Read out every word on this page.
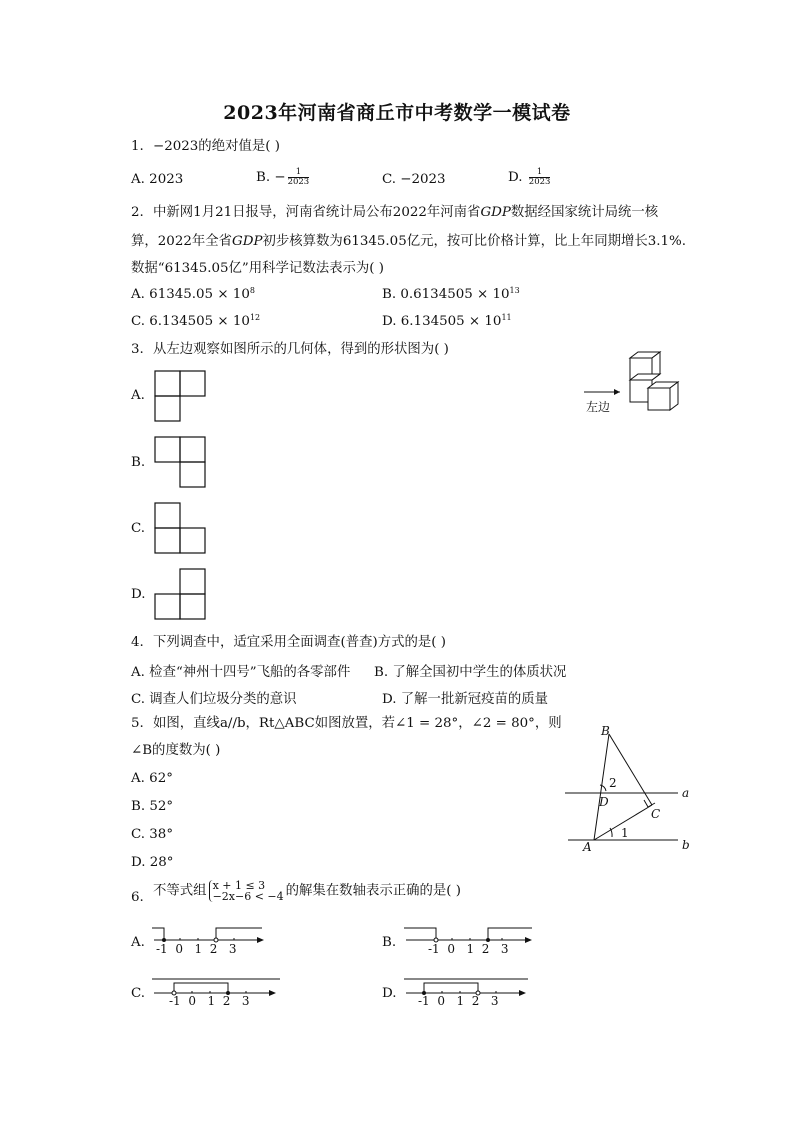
2023年河南省商丘市中考数学一模试卷
1. −2023的绝对值是( )
A. 2023	B. − $\frac{1}{2023}$	C. −2023	D. $\frac{1}{2023}$
2. 中新网1月21日报导，河南省统计局公布2022年河南省GDP数据经国家统计局统一核
算，2022年全省GDP初步核算数为61345.05亿元，按可比价格计算，比上年同期增长3.1%.
数据“61345.05亿”用科学记数法表示为( )
A. $61345.05 \times 10^8$	B. $0.6134505 \times 10^{13}$
C. $6.134505 \times 10^{12}$	D. $6.134505 \times 10^{11}$
3. 从左边观察如图所示的几何体，得到的形状图为( )
A.
B.
C.
D.
左边
4. 下列调查中，适宜采用全面调查(普查)方式的是( )
A. 检查“神州十四号”飞船的各零部件 B. 了解全国初中学生的体质状况
C. 调查人们垃圾分类的意识	D. 了解一批新冠疫苗的质量
5. 如图，直线a//b，Rt△ABC如图放置，若∠1 = 28°，∠2 = 80°，则
∠B的度数为( )
A. 62°
B. 52°
C. 38°
D. 28°
B
2
D
C
1
A
a
b
6. 不等式组 x + 1 ≤ 3
−2x−6 < −4 的解集在数轴表示正确的是( )
A. -1 0 1 2 3	B.	-1 0 1 2 3
C. -1 0 1 2 3	D. -1 0 1 2 3
